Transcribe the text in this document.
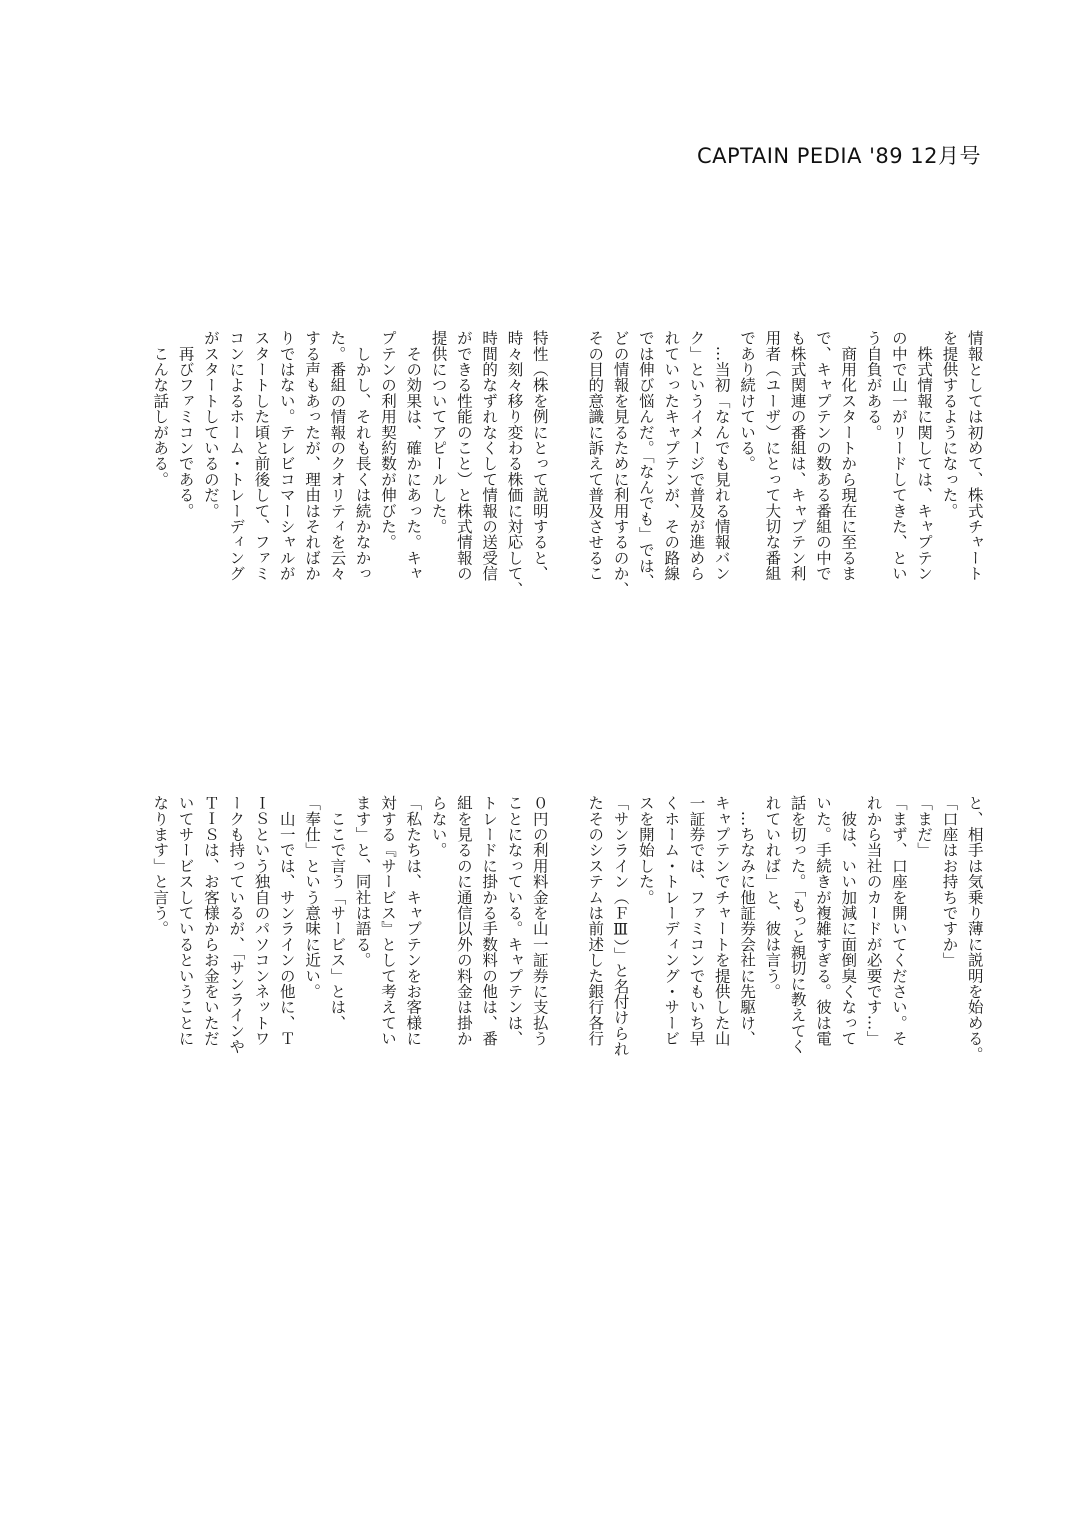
CAPTAIN PEDIA '89 12月号

情報としては初めて、株式チャート
を提供するようになった。
　株式情報に関しては、キャプテン
の中で山一がリードしてきた、とい
う自負がある。
　商用化スタートから現在に至るま
で、キャプテンの数ある番組の中で
も株式関連の番組は、キャプテン利
用者（ユーザ）にとって大切な番組
であり続けている。
　…当初「なんでも見れる情報バン
ク」というイメージで普及が進めら
れていったキャプテンが、その路線
では伸び悩んだ。「なんでも」では、
どの情報を見るために利用するのか、
その目的意識に訴えて普及させるこ

特性（株を例にとって説明すると、
時々刻々移り変わる株価に対応して、
時間的なずれなくして情報の送受信
ができる性能のこと）と株式情報の
提供についてアピールした。
　その効果は、確かにあった。キャ
プテンの利用契約数が伸びた。
　しかし、それも長くは続かなかっ
た。番組の情報のクオリティを云々
する声もあったが、理由はそればか
りではない。テレビコマーシャルが
スタートした頃と前後して、ファミ
コンによるホーム・トレーディング
がスタートしているのだ。
　再びファミコンである。
　こんな話しがある。

と、相手は気乗り薄に説明を始める。
「口座はお持ちですか」
「まだ」
「まず、口座を開いてください。そ
れから当社のカードが必要です…」
　彼は、いい加減に面倒臭くなって
いた。手続きが複雑すぎる。彼は電
話を切った。「もっと親切に教えてく
れていれば」と、彼は言う。
　…ちなみに他証券会社に先駆け、
キャプテンでチャートを提供した山
一証券では、ファミコンでもいち早
くホーム・トレーディング・サービ
スを開始した。
「サンライン（ＦⅢ）」と名付けられ
たそのシステムは前述した銀行各行

０円の利用料金を山一証券に支払う
ことになっている。キャプテンは、
トレードに掛かる手数料の他は、番
組を見るのに通信以外の料金は掛か
らない。
「私たちは、キャプテンをお客様に
対する『サービス』として考えてい
ます」と、同社は語る。
　ここで言う「サービス」とは、
「奉仕」という意味に近い。
　山一では、サンラインの他に、Ｔ
ＩＳという独自のパソコンネットワ
ークも持っているが、「サンラインや
ＴＩＳは、お客様からお金をいただ
いてサービスしているということに
なります」と言う。
